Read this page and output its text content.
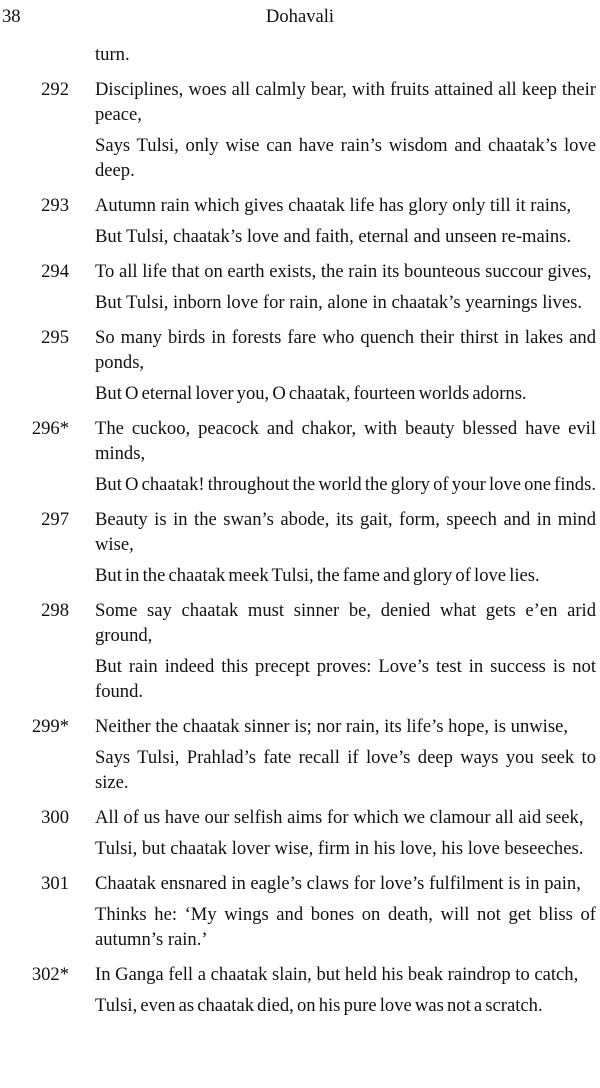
38	Dohavali
turn.
292 Disciplines, woes all calmly bear, with fruits attained all keep their peace,
Says Tulsi, only wise can have rain’s wisdom and chaatak’s love deep.
293 Autumn rain which gives chaatak life has glory only till it rains,
But Tulsi, chaatak’s love and faith, eternal and unseen re-mains.
294 To all life that on earth exists, the rain its bounteous succour gives,
But Tulsi, inborn love for rain, alone in chaatak’s yearnings lives.
295 So many birds in forests fare who quench their thirst in lakes and ponds,
But O eternal lover you, O chaatak, fourteen worlds adorns.
296* The cuckoo, peacock and chakor, with beauty blessed have evil minds,
But O chaatak! throughout the world the glory of your love one finds.
297 Beauty is in the swan’s abode, its gait, form, speech and in mind wise,
But in the chaatak meek Tulsi, the fame and glory of love lies.
298 Some say chaatak must sinner be, denied what gets e’en arid ground,
But rain indeed this precept proves: Love’s test in success is not found.
299* Neither the chaatak sinner is; nor rain, its life’s hope, is unwise,
Says Tulsi, Prahlad’s fate recall if love’s deep ways you seek to size.
300 All of us have our selfish aims for which we clamour all aid seek,
Tulsi, but chaatak lover wise, firm in his love, his love beseeches.
301 Chaatak ensnared in eagle’s claws for love’s fulfilment is in pain,
Thinks he: ‘My wings and bones on death, will not get bliss of autumn’s rain.’
302* In Ganga fell a chaatak slain, but held his beak raindrop to catch,
Tulsi, even as chaatak died, on his pure love was not a scratch.
